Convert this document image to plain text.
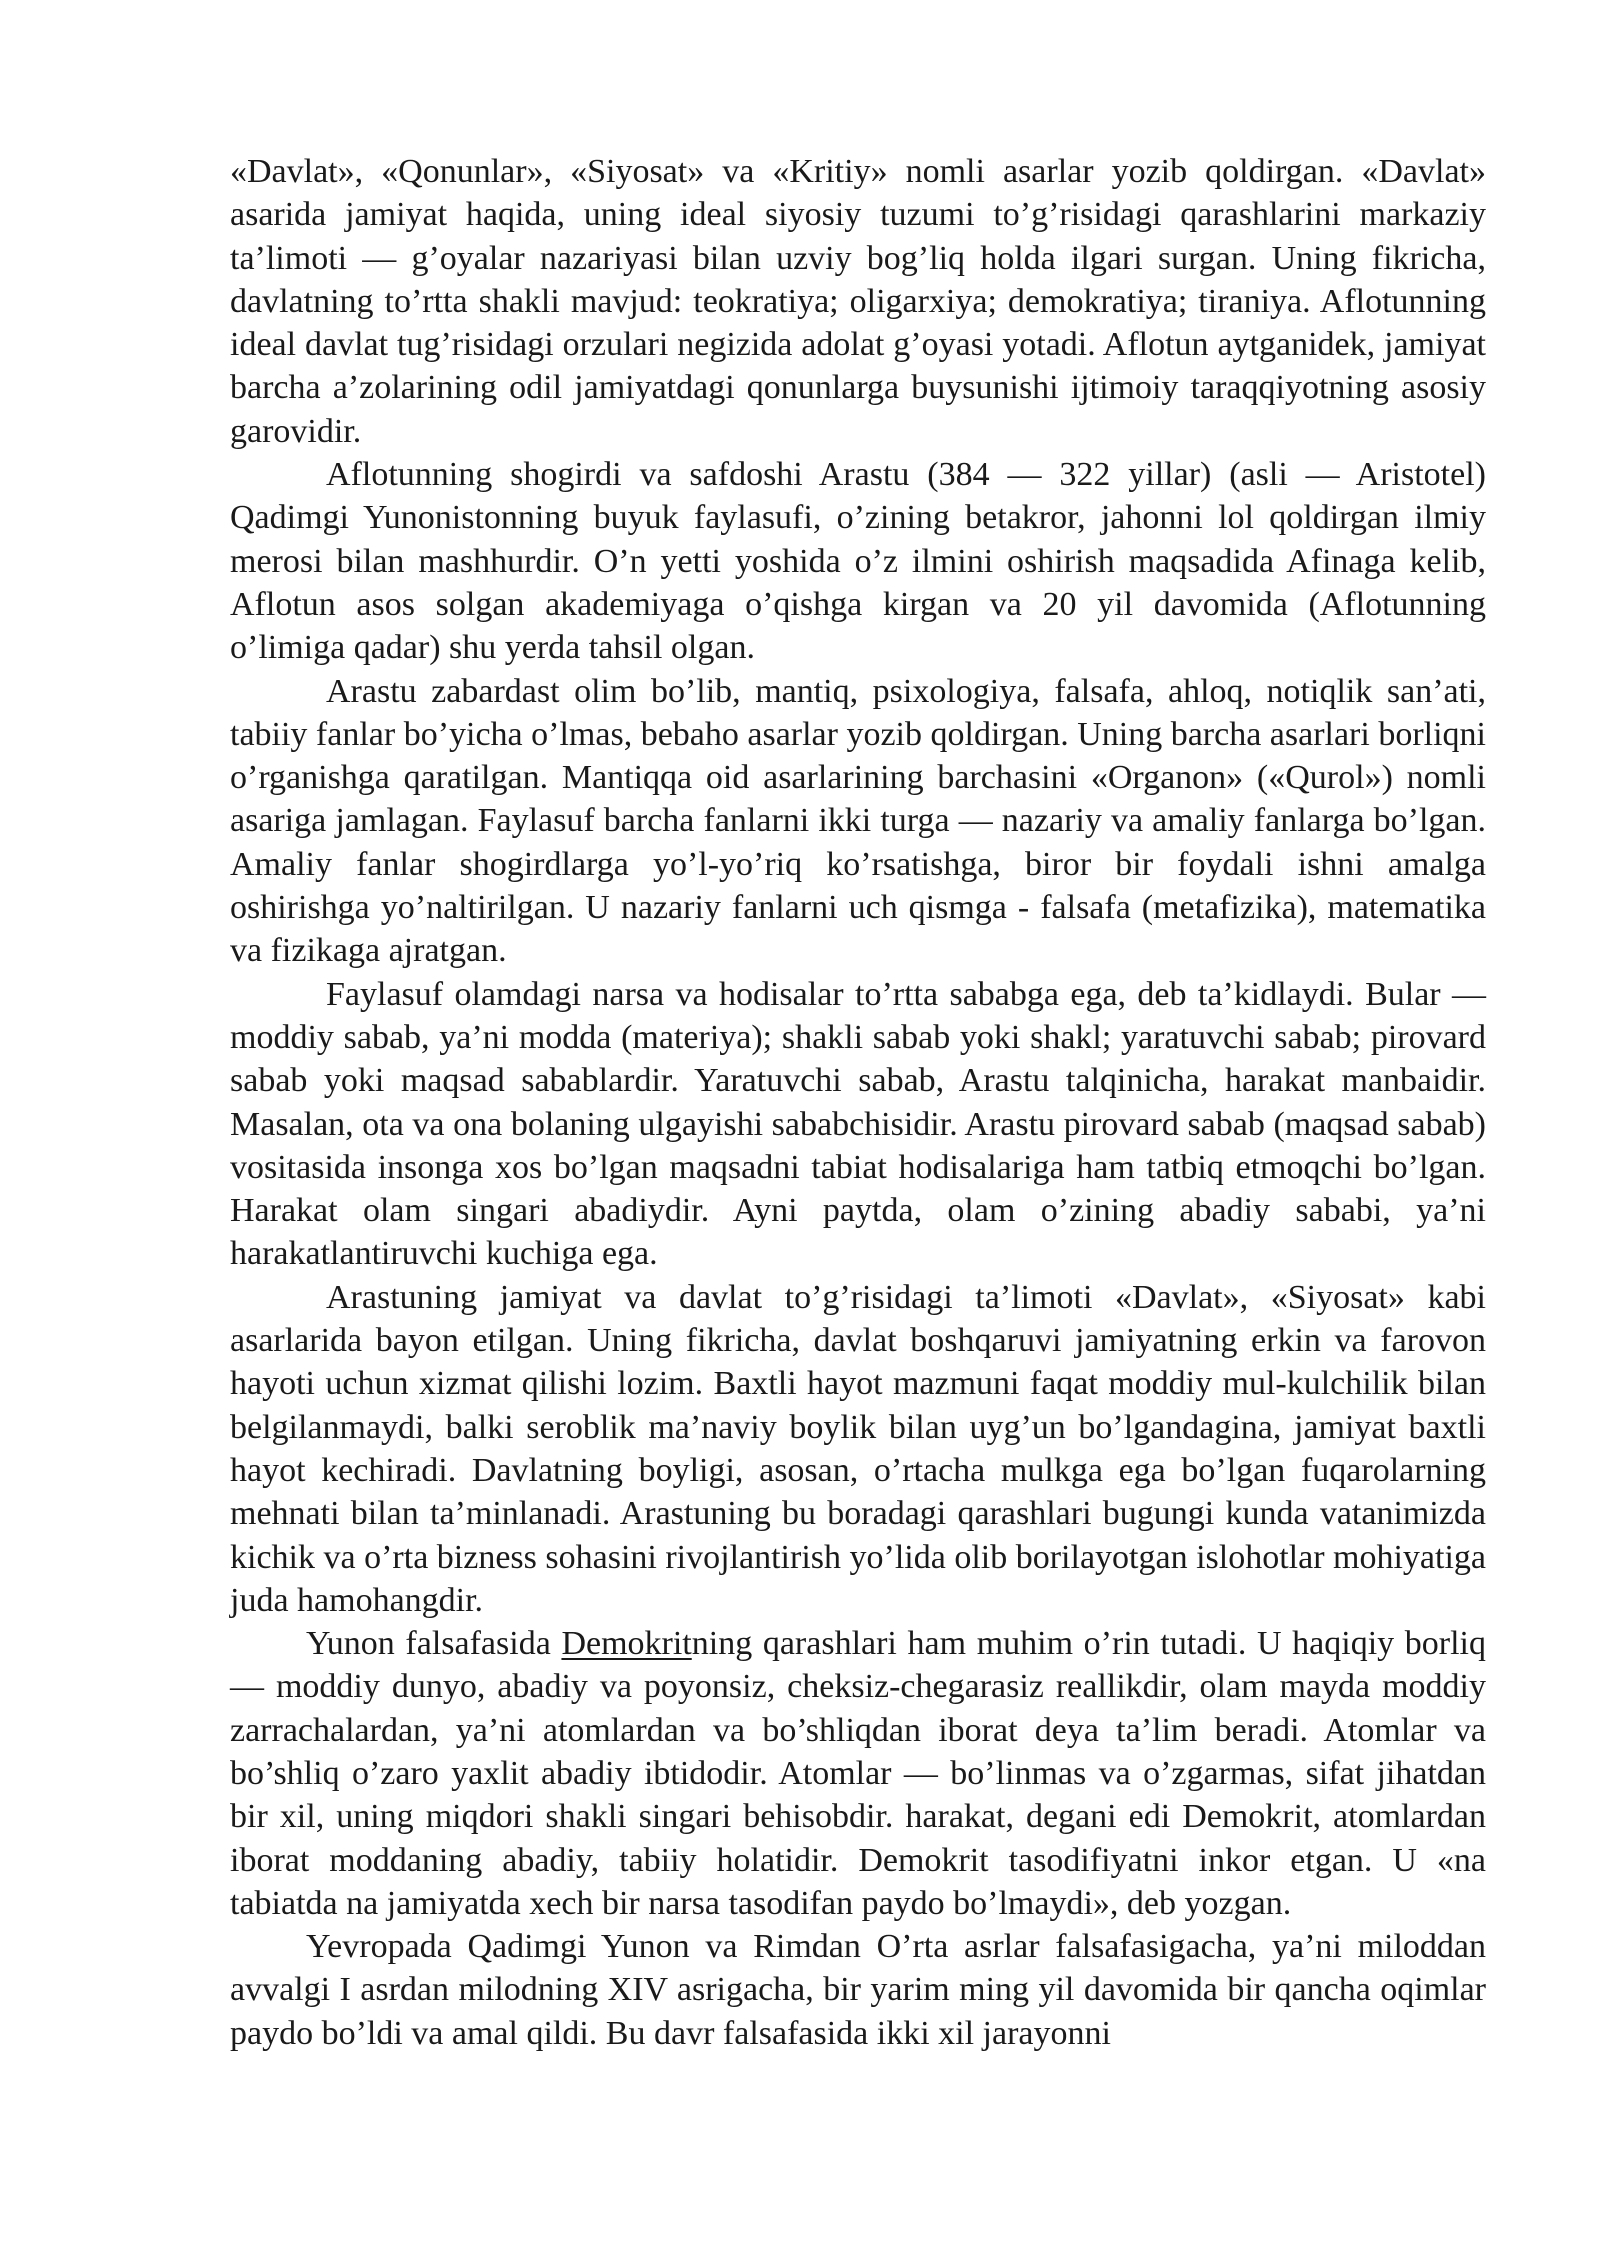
«Davlat», «Qonunlar», «Siyosat» va «Kritiy» nomli asarlar yozib qoldirgan. «Davlat» asarida jamiyat haqida, uning ideal siyosiy tuzumi to’g’risidagi qarashlarini markaziy ta’limoti — g’oyalar nazariyasi bilan uzviy bog’liq holda ilgari surgan. Uning fikricha, davlatning to’rtta shakli mavjud: teokratiya; oligarxiya; demokratiya; tiraniya. Aflotunning ideal davlat tug’risidagi orzulari negizida adolat g’oyasi yotadi. Aflotun aytganidek, jamiyat barcha a’zolarining odil jamiyatdagi qonunlarga buysunishi ijtimoiy taraqqiyotning asosiy garovidir.

Aflotunning shogirdi va safdoshi Arastu (384 — 322 yillar) (asli — Aristotel) Qadimgi Yunonistonning buyuk faylasufi, o’zining betakror, jahonni lol qoldirgan ilmiy merosi bilan mashhurdir. O’n yetti yoshida o’z ilmini oshirish maqsadida Afinaga kelib, Aflotun asos solgan akademiyaga o’qishga kirgan va 20 yil davomida (Aflotunning o’limiga qadar) shu yerda tahsil olgan.

Arastu zabardast olim bo’lib, mantiq, psixologiya, falsafa, ahloq, notiqlik san’ati, tabiiy fanlar bo’yicha o’lmas, bebaho asarlar yozib qoldirgan. Uning barcha asarlari borliqni o’rganishga qaratilgan. Mantiqqa oid asarlarining barchasini «Organon» («Qurol») nomli asariga jamlagan. Faylasuf barcha fanlarni ikki turga — nazariy va amaliy fanlarga bo’lgan. Amaliy fanlar shogirdlarga yo’l-yo’riq ko’rsatishga, biror bir foydali ishni amalga oshirishga yo’naltirilgan. U nazariy fanlarni uch qismga - falsafa (metafizika), matematika va fizikaga ajratgan.

Faylasuf olamdagi narsa va hodisalar to’rtta sababga ega, deb ta’kidlaydi. Bular — moddiy sabab, ya’ni modda (materiya); shakli sabab yoki shakl; yaratuvchi sabab; pirovard sabab yoki maqsad sabablardir. Yaratuvchi sabab, Arastu talqinicha, harakat manbaidir. Masalan, ota va ona bolaning ulgayishi sababchisidir. Arastu pirovard sabab (maqsad sabab) vositasida insonga xos bo’lgan maqsadni tabiat hodisalariga ham tatbiq etmoqchi bo’lgan. Harakat olam singari abadiydir. Ayni paytda, olam o’zining abadiy sababi, ya’ni harakatlantiruvchi kuchiga ega.

Arastuning jamiyat va davlat to’g’risidagi ta’limoti «Davlat», «Siyosat» kabi asarlarida bayon etilgan. Uning fikricha, davlat boshqaruvi jamiyatning erkin va farovon hayoti uchun xizmat qilishi lozim. Baxtli hayot mazmuni faqat moddiy mul-kulchilik bilan belgilanmaydi, balki seroblik ma’naviy boylik bilan uyg’un bo’lgandagina, jamiyat baxtli hayot kechiradi. Davlatning boyligi, asosan, o’rtacha mulkga ega bo’lgan fuqarolarning mehnati bilan ta’minlanadi. Arastuning bu boradagi qarashlari bugungi kunda vatanimizda kichik va o’rta bizness sohasini rivojlantirish yo’lida olib borilayotgan islohotlar mohiyatiga juda hamohangdir.

Yunon falsafasida Demokritning qarashlari ham muhim o’rin tutadi. U haqiqiy borliq — moddiy dunyo, abadiy va poyonsiz, cheksiz-chegarasiz reallikdir, olam mayda moddiy zarrachalardan, ya’ni atomlardan va bo’shliqdan iborat deya ta’lim beradi. Atomlar va bo’shliq o’zaro yaxlit abadiy ibtidodir. Atomlar — bo’linmas va o’zgarmas, sifat jihatdan bir xil, uning miqdori shakli singari behisobdir. harakat, degani edi Demokrit, atomlardan iborat moddaning abadiy, tabiiy holatidir. Demokrit tasodifiyatni inkor etgan. U «na tabiatda na jamiyatda xech bir narsa tasodifan paydo bo’lmaydi», deb yozgan.

Yevropada Qadimgi Yunon va Rimdan O’rta asrlar falsafasigacha, ya’ni miloddan avvalgi I asrdan milodning XIV asrigacha, bir yarim ming yil davomida bir qancha oqimlar paydo bo’ldi va amal qildi. Bu davr falsafasida ikki xil jarayonni
